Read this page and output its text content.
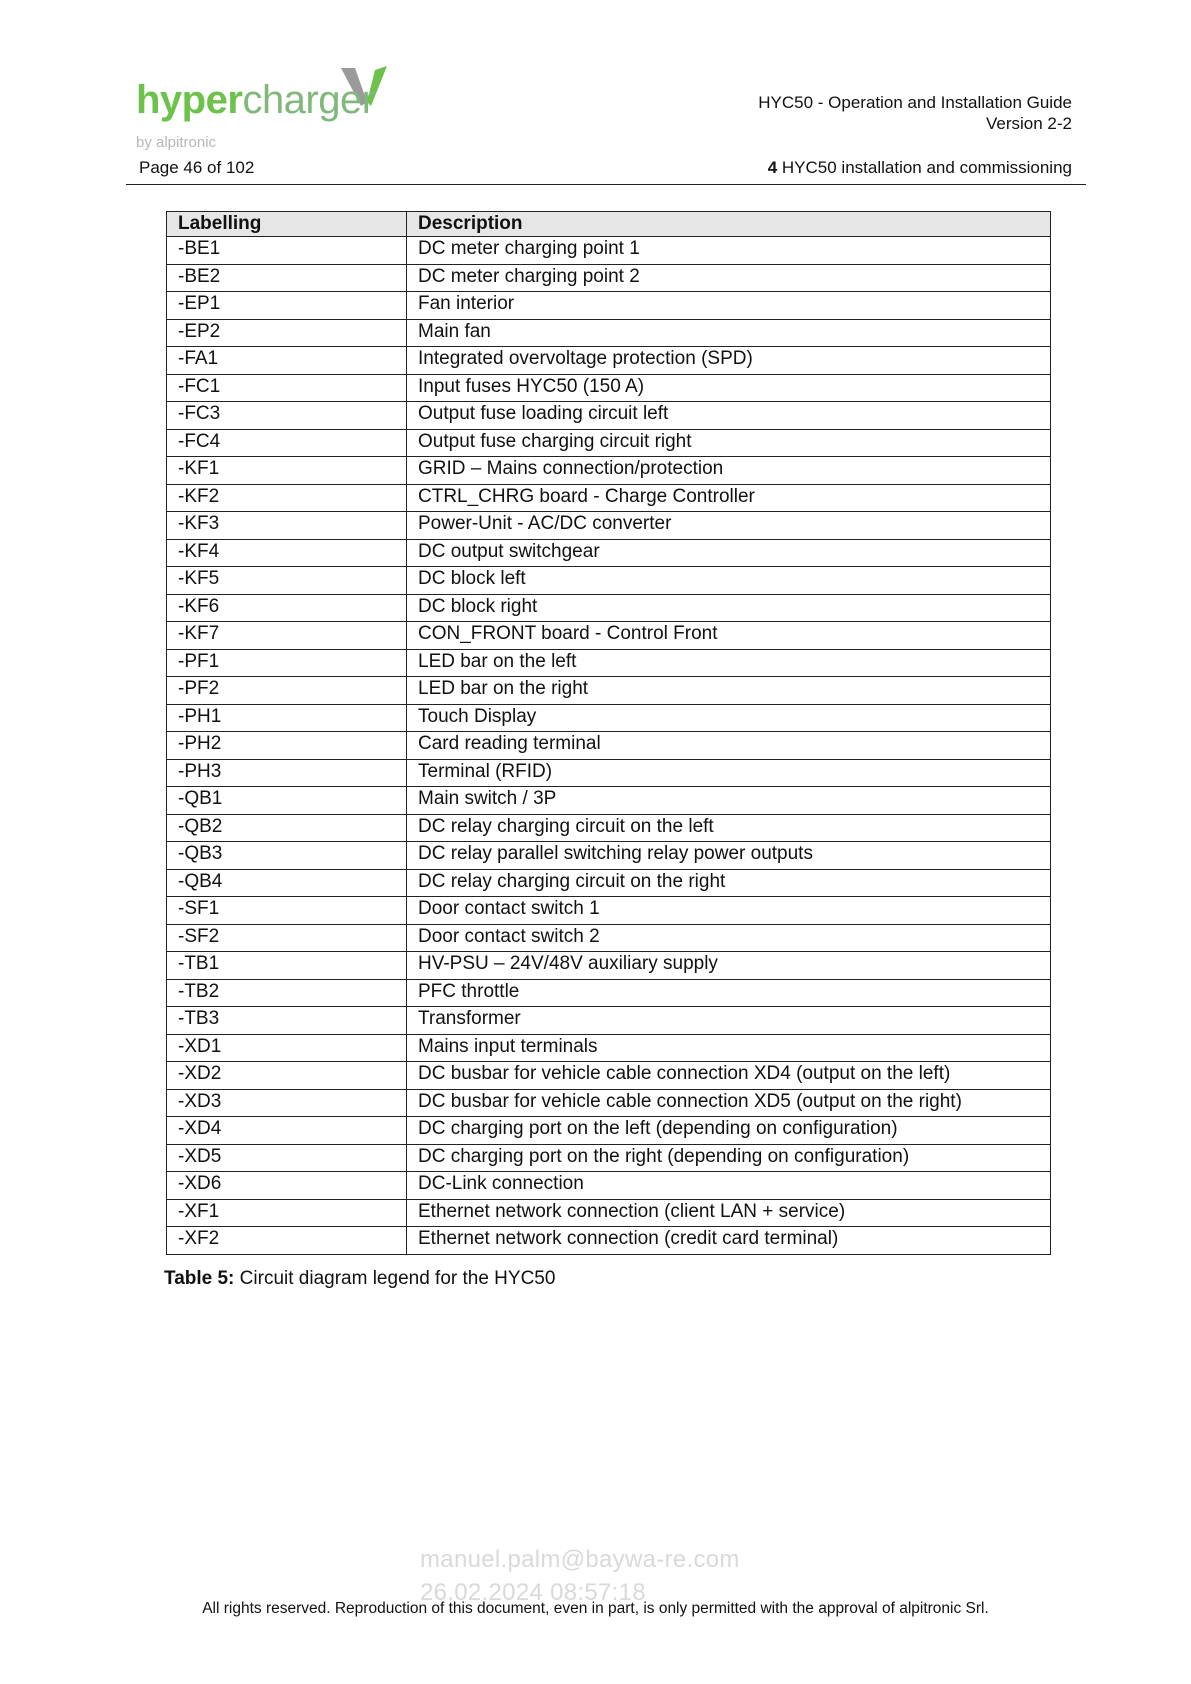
hypercharger
by alpitronic
HYC50 - Operation and Installation Guide
Version 2-2
Page 46 of 102	4 HYC50 installation and commissioning
Labelling	Description
-BE1	DC meter charging point 1
-BE2	DC meter charging point 2
-EP1	Fan interior
-EP2	Main fan
-FA1	Integrated overvoltage protection (SPD)
-FC1	Input fuses HYC50 (150 A)
-FC3	Output fuse loading circuit left
-FC4	Output fuse charging circuit right
-KF1	GRID – Mains connection/protection
-KF2	CTRL_CHRG board - Charge Controller
-KF3	Power-Unit - AC/DC converter
-KF4	DC output switchgear
-KF5	DC block left
-KF6	DC block right
-KF7	CON_FRONT board - Control Front
-PF1	LED bar on the left
-PF2	LED bar on the right
-PH1	Touch Display
-PH2	Card reading terminal
-PH3	Terminal (RFID)
-QB1	Main switch / 3P
-QB2	DC relay charging circuit on the left
-QB3	DC relay parallel switching relay power outputs
-QB4	DC relay charging circuit on the right
-SF1	Door contact switch 1
-SF2	Door contact switch 2
-TB1	HV-PSU – 24V/48V auxiliary supply
-TB2	PFC throttle
-TB3	Transformer
-XD1	Mains input terminals
-XD2	DC busbar for vehicle cable connection XD4 (output on the left)
-XD3	DC busbar for vehicle cable connection XD5 (output on the right)
-XD4	DC charging port on the left (depending on configuration)
-XD5	DC charging port on the right (depending on configuration)
-XD6	DC-Link connection
-XF1	Ethernet network connection (client LAN + service)
-XF2	Ethernet network connection (credit card terminal)
Table 5: Circuit diagram legend for the HYC50
manuel.palm@baywa-re.com
26.02.2024 08:57:18
All rights reserved. Reproduction of this document, even in part, is only permitted with the approval of alpitronic Srl.
